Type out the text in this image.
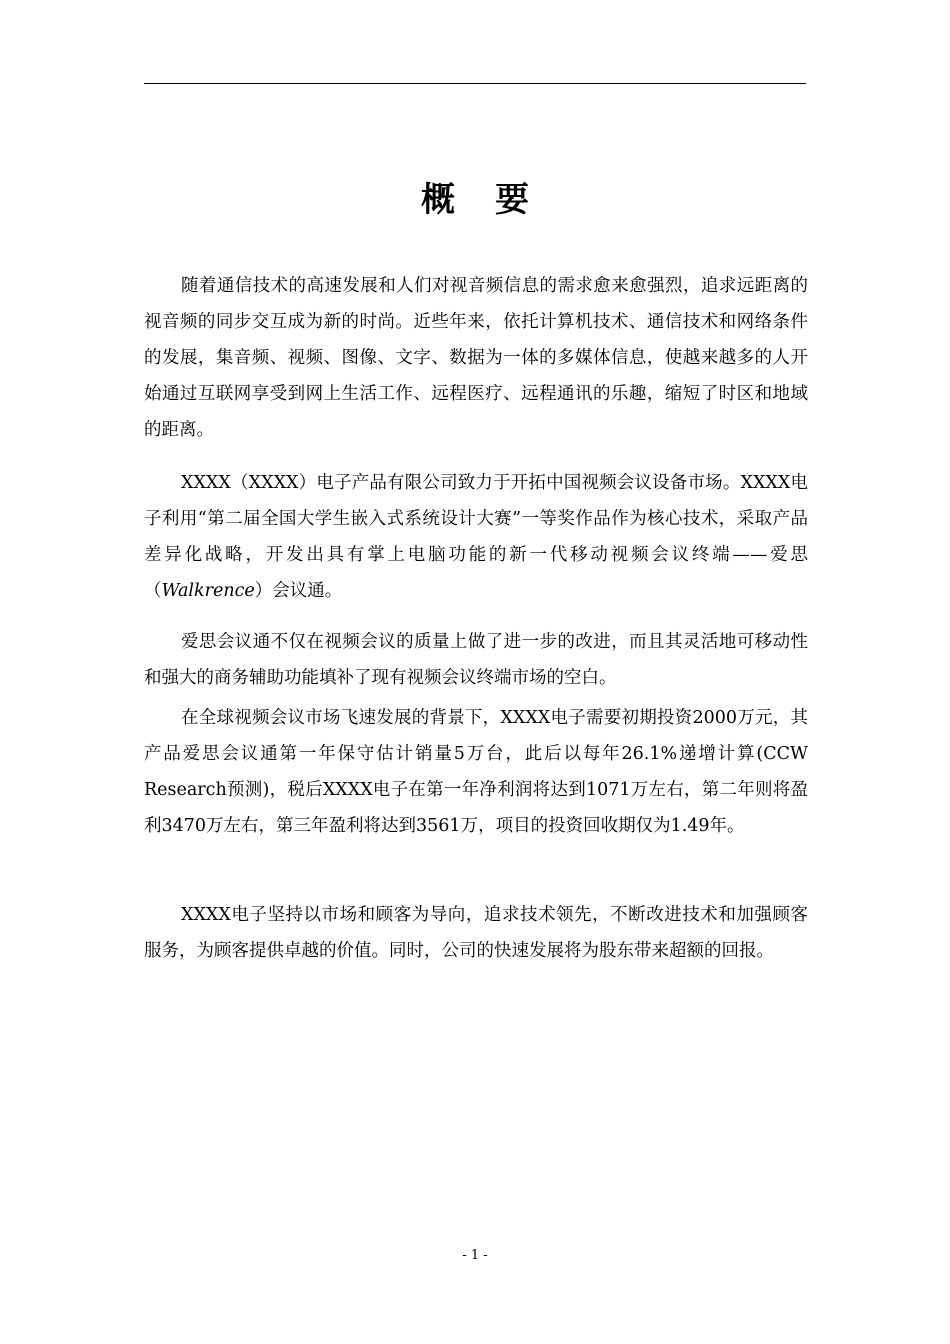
概要

随着通信技术的高速发展和人们对视音频信息的需求愈来愈强烈，追求远距离的视音频的同步交互成为新的时尚。近些年来，依托计算机技术、通信技术和网络条件的发展，集音频、视频、图像、文字、数据为一体的多媒体信息，使越来越多的人开始通过互联网享受到网上生活工作、远程医疗、远程通讯的乐趣，缩短了时区和地域的距离。

XXXX（XXXX）电子产品有限公司致力于开拓中国视频会议设备市场。XXXX电子利用“第二届全国大学生嵌入式系统设计大赛”一等奖作品作为核心技术，采取产品差异化战略，开发出具有掌上电脑功能的新一代移动视频会议终端——爱思 （Walkrence）会议通。

爱思会议通不仅在视频会议的质量上做了进一步的改进，而且其灵活地可移动性和强大的商务辅助功能填补了现有视频会议终端市场的空白。

在全球视频会议市场飞速发展的背景下，XXXX电子需要初期投资2000万元，其产品爱思会议通第一年保守估计销量5万台，此后以每年26.1%递增计算(CCW Research预测)，税后XXXX电子在第一年净利润将达到1071万左右，第二年则将盈利3470万左右，第三年盈利将达到3561万，项目的投资回收期仅为1.49年。

XXXX电子坚持以市场和顾客为导向，追求技术领先，不断改进技术和加强顾客服务，为顾客提供卓越的价值。同时，公司的快速发展将为股东带来超额的回报。

- 1 -
